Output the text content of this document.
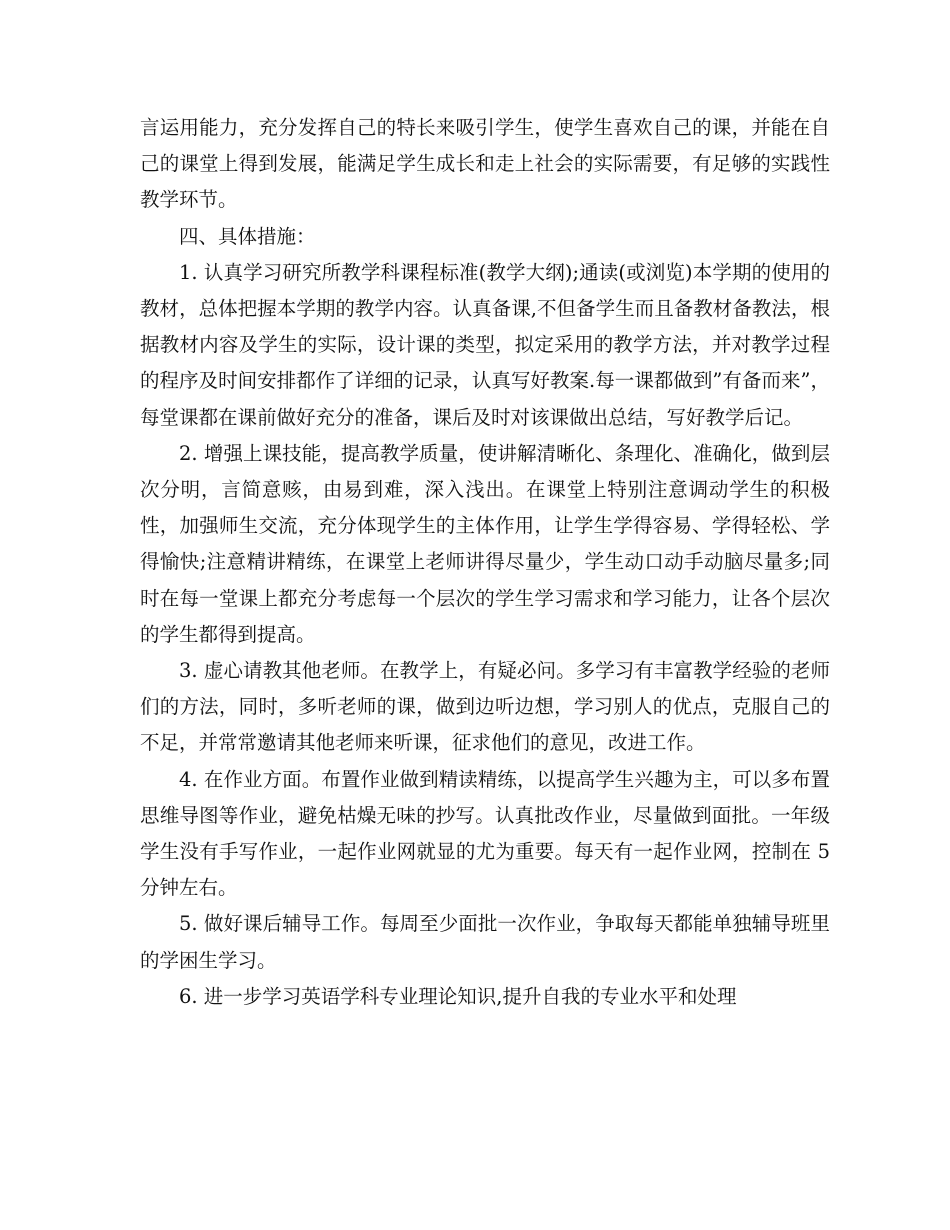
言运用能力，充分发挥自己的特长来吸引学生，使学生喜欢自己的课，并能在自己的课堂上得到发展，能满足学生成长和走上社会的实际需要，有足够的实践性教学环节。

四、具体措施：

1. 认真学习研究所教学科课程标准(教学大纲);通读(或浏览)本学期的使用的教材，总体把握本学期的教学内容。认真备课,不但备学生而且备教材备教法，根据教材内容及学生的实际，设计课的类型，拟定采用的教学方法，并对教学过程的程序及时间安排都作了详细的记录，认真写好教案.每一课都做到”有备而来”，每堂课都在课前做好充分的准备，课后及时对该课做出总结，写好教学后记。

2. 增强上课技能，提高教学质量，使讲解清晰化、条理化、准确化，做到层次分明，言简意赅，由易到难，深入浅出。在课堂上特别注意调动学生的积极性，加强师生交流，充分体现学生的主体作用，让学生学得容易、学得轻松、学得愉快;注意精讲精练，在课堂上老师讲得尽量少，学生动口动手动脑尽量多;同时在每一堂课上都充分考虑每一个层次的学生学习需求和学习能力，让各个层次的学生都得到提高。

3. 虚心请教其他老师。在教学上，有疑必问。多学习有丰富教学经验的老师们的方法，同时，多听老师的课，做到边听边想，学习别人的优点，克服自己的不足，并常常邀请其他老师来听课，征求他们的意见，改进工作。

4. 在作业方面。布置作业做到精读精练，以提高学生兴趣为主，可以多布置思维导图等作业，避免枯燥无味的抄写。认真批改作业，尽量做到面批。一年级学生没有手写作业，一起作业网就显的尤为重要。每天有一起作业网，控制在 5 分钟左右。

5. 做好课后辅导工作。每周至少面批一次作业，争取每天都能单独辅导班里的学困生学习。

6. 进一步学习英语学科专业理论知识,提升自我的专业水平和处理
